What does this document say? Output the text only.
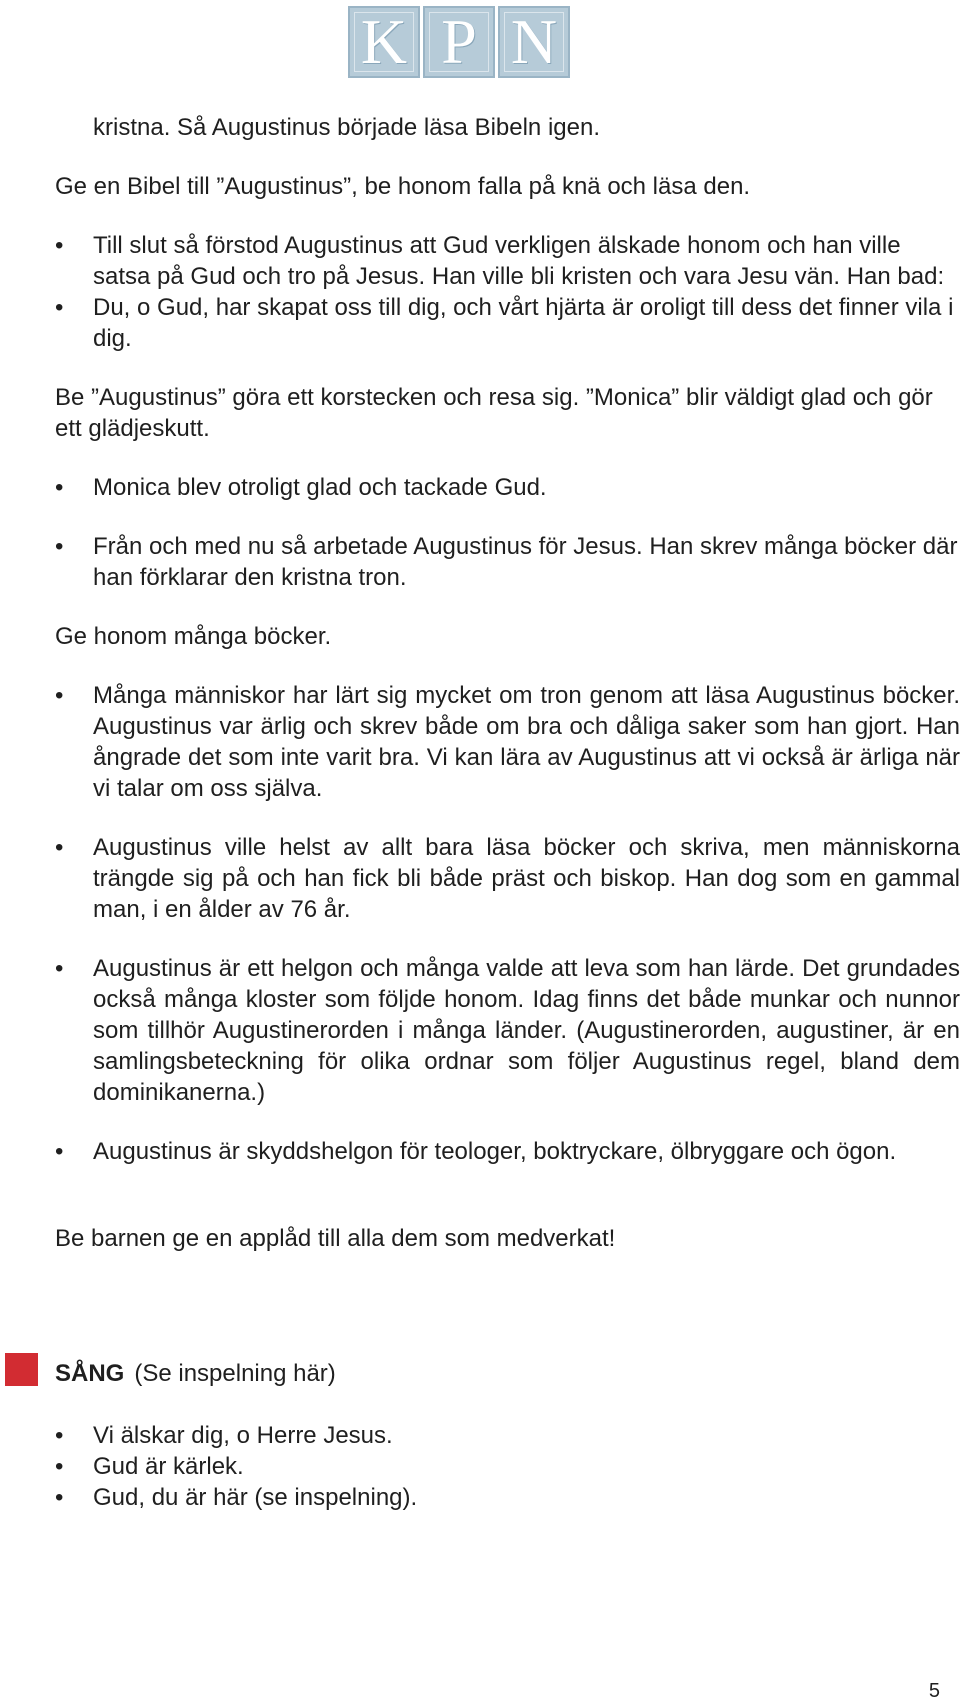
K P N

kristna. Så Augustinus började läsa Bibeln igen.

Ge en Bibel till ”Augustinus”, be honom falla på knä och läsa den.

•	Till slut så förstod Augustinus att Gud verkligen älskade honom och han ville satsa på Gud och tro på Jesus. Han ville bli kristen och vara Jesu vän. Han bad:
•	Du, o Gud, har skapat oss till dig, och vårt hjärta är oroligt till dess det finner vila i dig.

Be ”Augustinus” göra ett korstecken och resa sig. ”Monica” blir väldigt glad och gör ett glädjeskutt.

•	Monica blev otroligt glad och tackade Gud.
•	Från och med nu så arbetade Augustinus för Jesus. Han skrev många böcker där han förklarar den kristna tron.

Ge honom många böcker.

•	Många människor har lärt sig mycket om tron genom att läsa Augustinus böcker. Augustinus var ärlig och skrev både om bra och dåliga saker som han gjort. Han ångrade det som inte varit bra. Vi kan lära av Augustinus att vi också är ärliga när vi talar om oss själva.
•	Augustinus ville helst av allt bara läsa böcker och skriva, men människorna trängde sig på och han fick bli både präst och biskop. Han dog som en gammal man, i en ålder av 76 år.
•	Augustinus är ett helgon och många valde att leva som han lärde. Det grundades också många kloster som följde honom. Idag finns det både munkar och nunnor som tillhör Augustinerorden i många länder. (Augustinerorden, augustiner, är en samlingsbeteckning för olika ordnar som följer Augustinus regel, bland dem dominikanerna.)
•	Augustinus är skyddshelgon för teologer, boktryckare, ölbryggare och ögon.

Be barnen ge en applåd till alla dem som medverkat!

SÅNG (Se inspelning här)
•	Vi älskar dig, o Herre Jesus.
•	Gud är kärlek.
•	Gud, du är här (se inspelning).
5
